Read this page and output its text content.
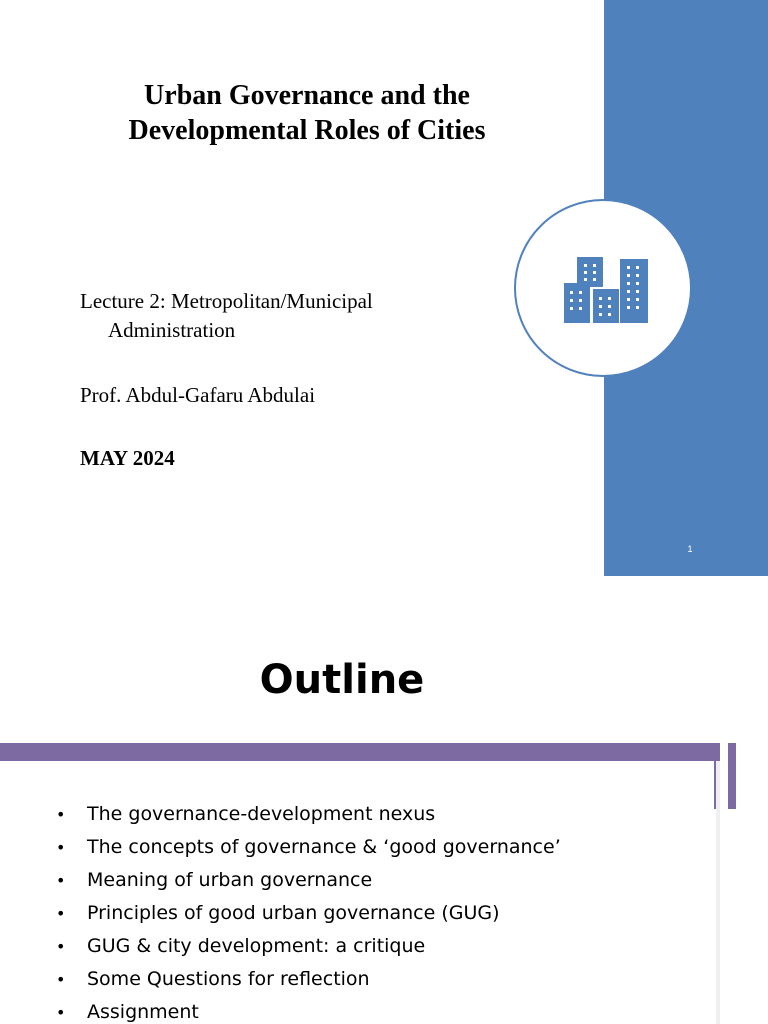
Urban Governance and the
Developmental Roles of Cities
Lecture 2: Metropolitan/Municipal
Administration
Prof. Abdul-Gafaru Abdulai
MAY 2024
1
Outline
• The governance-development nexus
• The concepts of governance & ‘good governance’
• Meaning of urban governance
• Principles of good urban governance (GUG)
• GUG & city development: a critique
• Some Questions for reflection
• Assignment
